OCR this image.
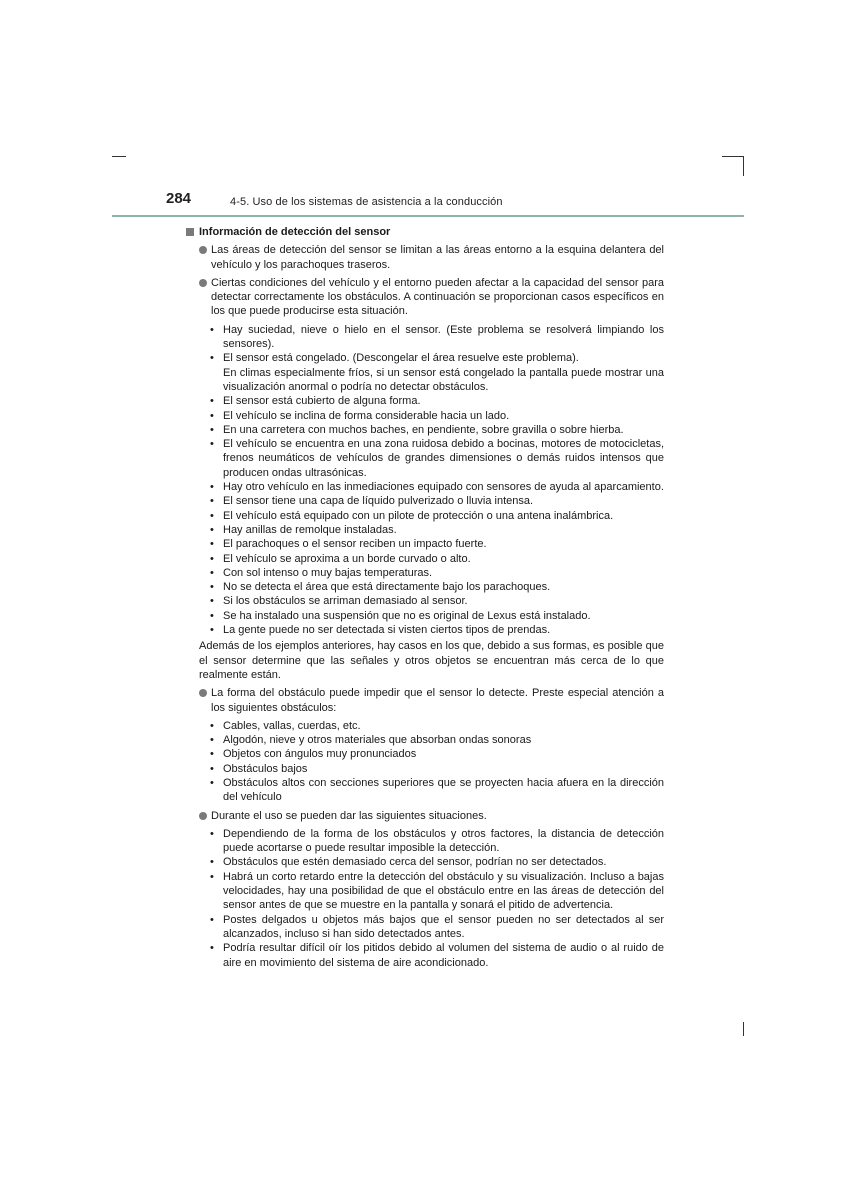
284	4-5. Uso de los sistemas de asistencia a la conducción
Información de detección del sensor
Las áreas de detección del sensor se limitan a las áreas entorno a la esquina delantera del vehículo y los parachoques traseros.
Ciertas condiciones del vehículo y el entorno pueden afectar a la capacidad del sensor para detectar correctamente los obstáculos. A continuación se proporcionan casos específicos en los que puede producirse esta situación.
• Hay suciedad, nieve o hielo en el sensor. (Este problema se resolverá limpiando los sensores).
• El sensor está congelado. (Descongelar el área resuelve este problema).
En climas especialmente fríos, si un sensor está congelado la pantalla puede mostrar una visualización anormal o podría no detectar obstáculos.
• El sensor está cubierto de alguna forma.
• El vehículo se inclina de forma considerable hacia un lado.
• En una carretera con muchos baches, en pendiente, sobre gravilla o sobre hierba.
• El vehículo se encuentra en una zona ruidosa debido a bocinas, motores de motocicletas, frenos neumáticos de vehículos de grandes dimensiones o demás ruidos intensos que producen ondas ultrasónicas.
• Hay otro vehículo en las inmediaciones equipado con sensores de ayuda al aparcamiento.
• El sensor tiene una capa de líquido pulverizado o lluvia intensa.
• El vehículo está equipado con un pilote de protección o una antena inalámbrica.
• Hay anillas de remolque instaladas.
• El parachoques o el sensor reciben un impacto fuerte.
• El vehículo se aproxima a un borde curvado o alto.
• Con sol intenso o muy bajas temperaturas.
• No se detecta el área que está directamente bajo los parachoques.
• Si los obstáculos se arriman demasiado al sensor.
• Se ha instalado una suspensión que no es original de Lexus está instalado.
• La gente puede no ser detectada si visten ciertos tipos de prendas.
Además de los ejemplos anteriores, hay casos en los que, debido a sus formas, es posible que el sensor determine que las señales y otros objetos se encuentran más cerca de lo que realmente están.
La forma del obstáculo puede impedir que el sensor lo detecte. Preste especial atención a los siguientes obstáculos:
• Cables, vallas, cuerdas, etc.
• Algodón, nieve y otros materiales que absorban ondas sonoras
• Objetos con ángulos muy pronunciados
• Obstáculos bajos
• Obstáculos altos con secciones superiores que se proyecten hacia afuera en la dirección del vehículo
Durante el uso se pueden dar las siguientes situaciones.
• Dependiendo de la forma de los obstáculos y otros factores, la distancia de detección puede acortarse o puede resultar imposible la detección.
• Obstáculos que estén demasiado cerca del sensor, podrían no ser detectados.
• Habrá un corto retardo entre la detección del obstáculo y su visualización. Incluso a bajas velocidades, hay una posibilidad de que el obstáculo entre en las áreas de detección del sensor antes de que se muestre en la pantalla y sonará el pitido de advertencia.
• Postes delgados u objetos más bajos que el sensor pueden no ser detectados al ser alcanzados, incluso si han sido detectados antes.
• Podría resultar difícil oír los pitidos debido al volumen del sistema de audio o al ruido de aire en movimiento del sistema de aire acondicionado.
